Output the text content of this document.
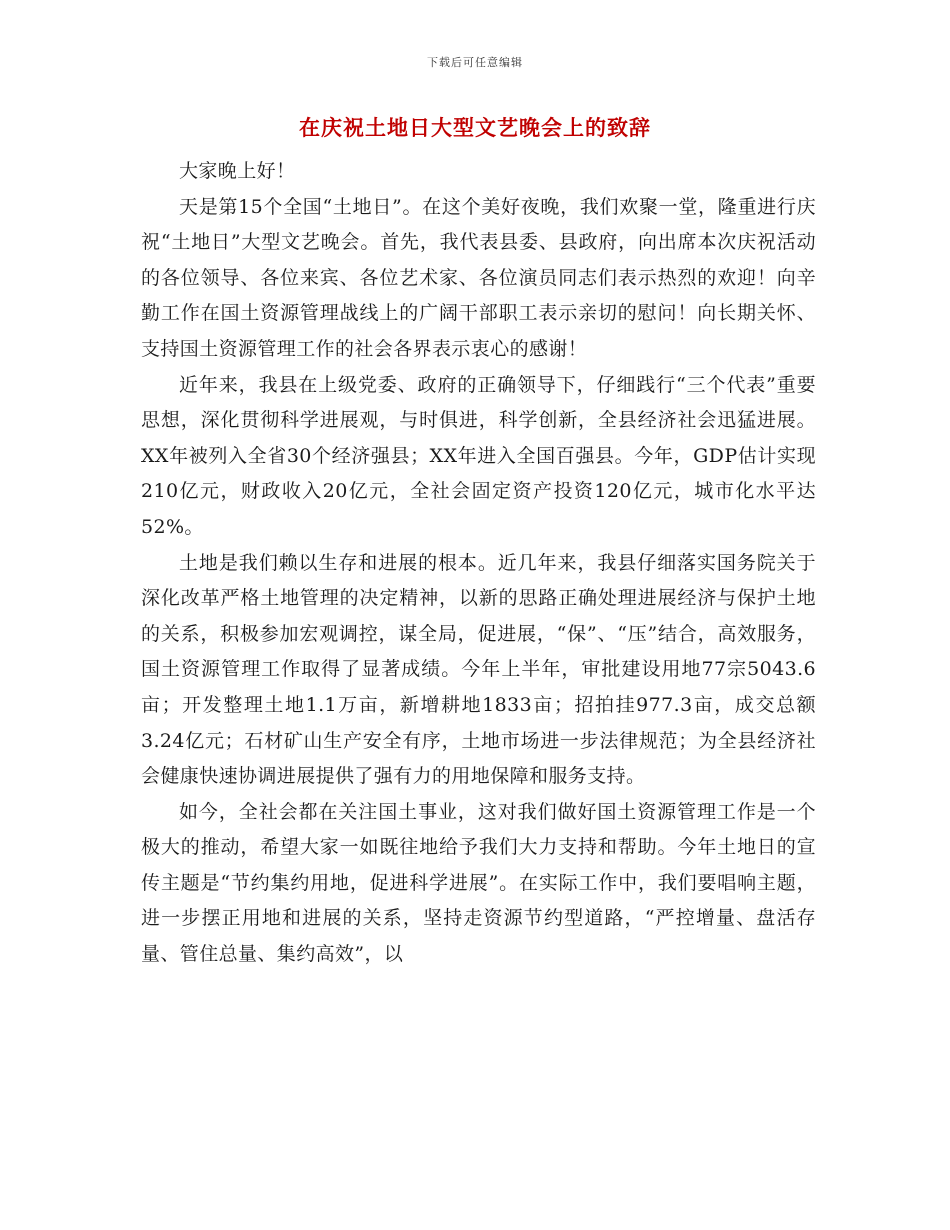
下载后可任意编辑
在庆祝土地日大型文艺晚会上的致辞

大家晚上好！

天是第15个全国“土地日”。在这个美好夜晚，我们欢聚一堂，隆重进行庆祝“土地日”大型文艺晚会。首先，我代表县委、县政府，向出席本次庆祝活动的各位领导、各位来宾、各位艺术家、各位演员同志们表示热烈的欢迎！向辛勤工作在国土资源管理战线上的广阔干部职工表示亲切的慰问！向长期关怀、支持国土资源管理工作的社会各界表示衷心的感谢！

近年来，我县在上级党委、政府的正确领导下，仔细践行“三个代表”重要思想，深化贯彻科学进展观，与时俱进，科学创新，全县经济社会迅猛进展。XX年被列入全省30个经济强县；XX年进入全国百强县。今年，GDP估计实现210亿元，财政收入20亿元，全社会固定资产投资120亿元，城市化水平达52%。

土地是我们赖以生存和进展的根本。近几年来，我县仔细落实国务院关于深化改革严格土地管理的决定精神，以新的思路正确处理进展经济与保护土地的关系，积极参加宏观调控，谋全局，促进展，“保”、“压”结合，高效服务，国土资源管理工作取得了显著成绩。今年上半年，审批建设用地77宗5043.6亩；开发整理土地1.1万亩，新增耕地1833亩；招拍挂977.3亩，成交总额3.24亿元；石材矿山生产安全有序，土地市场进一步法律规范；为全县经济社会健康快速协调进展提供了强有力的用地保障和服务支持。

如今，全社会都在关注国土事业，这对我们做好国土资源管理工作是一个极大的推动，希望大家一如既往地给予我们大力支持和帮助。今年土地日的宣传主题是“节约集约用地，促进科学进展”。在实际工作中，我们要唱响主题，进一步摆正用地和进展的关系，坚持走资源节约型道路，“严控增量、盘活存量、管住总量、集约高效”，以
